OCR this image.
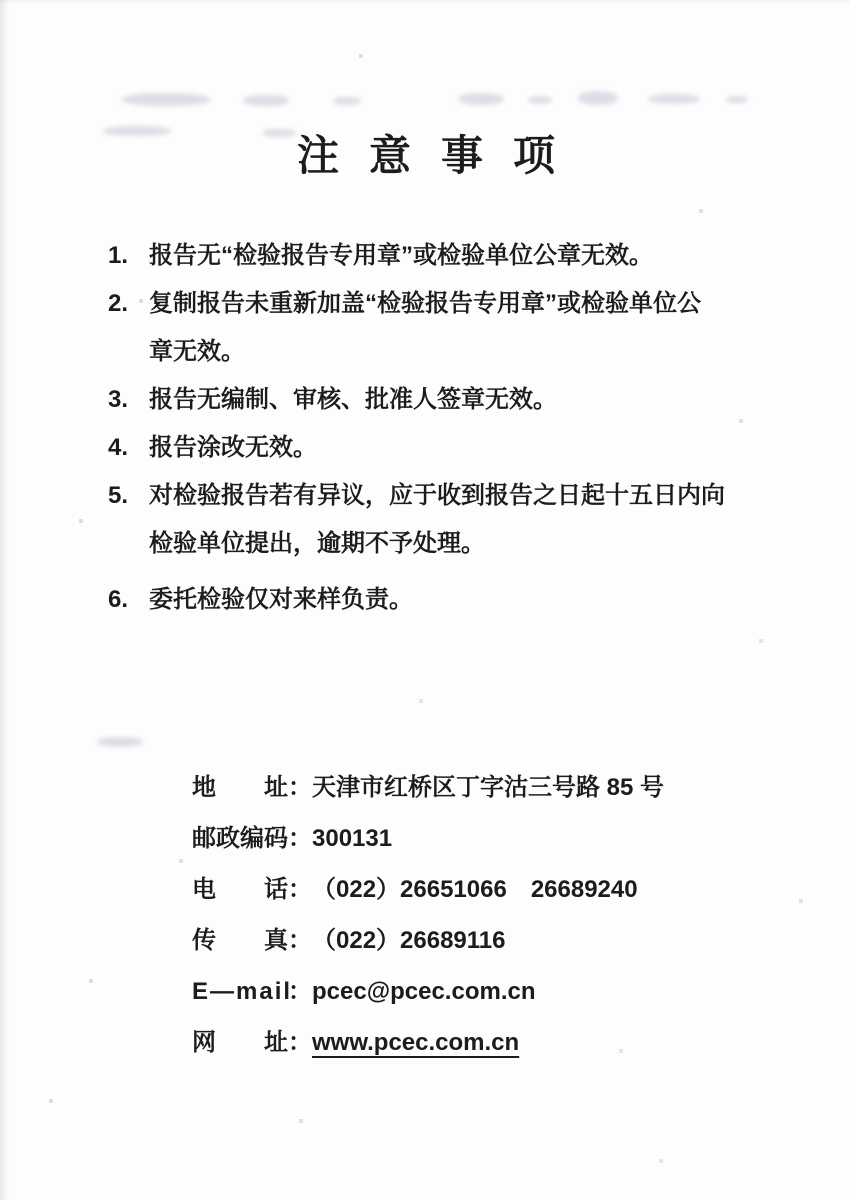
注意事项
1. 报告无“检验报告专用章”或检验单位公章无效。
2. 复制报告未重新加盖“检验报告专用章”或检验单位公
章无效。
3. 报告无编制、审核、批准人签章无效。
4. 报告涂改无效。
5. 对检验报告若有异议，应于收到报告之日起十五日内向
检验单位提出，逾期不予处理。
6. 委托检验仅对来样负责。
地址 ： 天津市红桥区丁字沽三号路 85 号
邮政编码 ： 300131
电话 ： （022）26651066　26689240
传真 ： （022）26689116
E—mail
： pcec@pcec.com.cn
网址 ： www.pcec.com.cn
